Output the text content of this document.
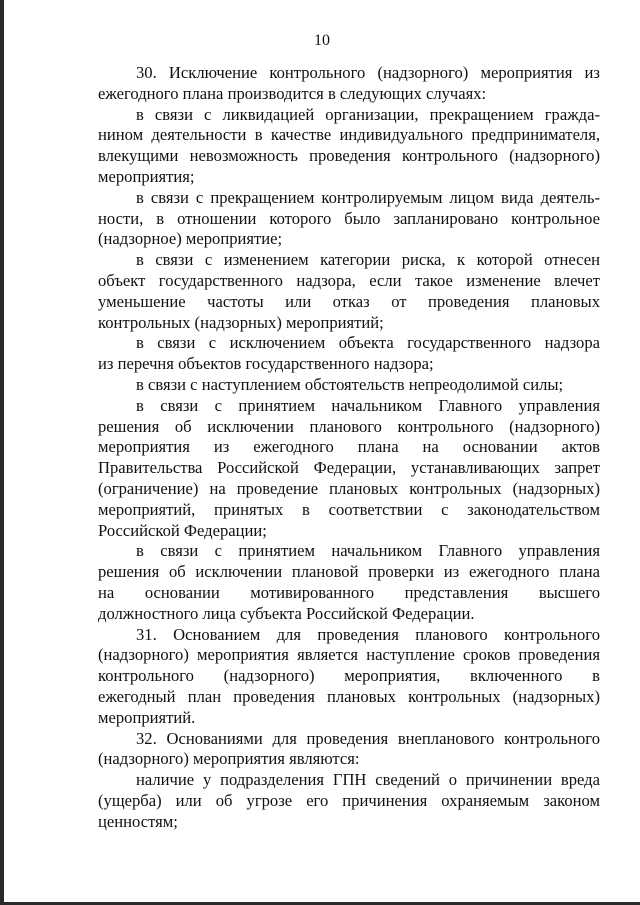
10
30. Исключение контрольного (надзорного) мероприятия из
ежегодного плана производится в следующих случаях:
в связи с ликвидацией организации, прекращением гражда-
нином деятельности в качестве индивидуального предпринимателя,
влекущими невозможность проведения контрольного (надзорного)
мероприятия;
в связи с прекращением контролируемым лицом вида деятель-
ности, в отношении которого было запланировано контрольное
(надзорное) мероприятие;
в связи с изменением категории риска, к которой отнесен
объект государственного надзора, если такое изменение влечет
уменьшение частоты или отказ от проведения плановых
контрольных (надзорных) мероприятий;
в связи с исключением объекта государственного надзора
из перечня объектов государственного надзора;
в связи с наступлением обстоятельств непреодолимой силы;
в связи с принятием начальником Главного управления
решения об исключении планового контрольного (надзорного)
мероприятия из ежегодного плана на основании актов
Правительства Российской Федерации, устанавливающих запрет
(ограничение) на проведение плановых контрольных (надзорных)
мероприятий, принятых в соответствии с законодательством
Российской Федерации;
в связи с принятием начальником Главного управления
решения об исключении плановой проверки из ежегодного плана
на основании мотивированного представления высшего
должностного лица субъекта Российской Федерации.
31. Основанием для проведения планового контрольного
(надзорного) мероприятия является наступление сроков проведения
контрольного (надзорного) мероприятия, включенного в
ежегодный план проведения плановых контрольных (надзорных)
мероприятий.
32. Основаниями для проведения внепланового контрольного
(надзорного) мероприятия являются:
наличие у подразделения ГПН сведений о причинении вреда
(ущерба) или об угрозе его причинения охраняемым законом
ценностям;
